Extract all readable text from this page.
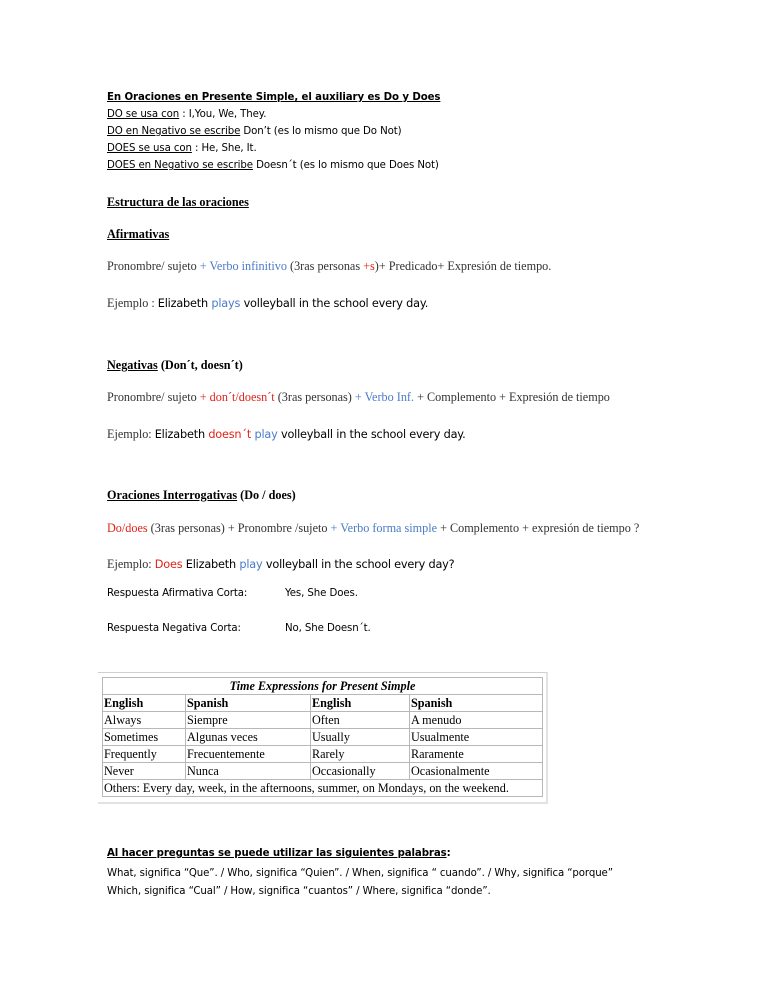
En Oraciones en Presente Simple, el auxiliary es Do y Does
DO se usa con : I,You, We, They.
DO en Negativo se escribe Don’t (es lo mismo que Do Not)
DOES se usa con : He, She, It.
DOES en Negativo se escribe Doesn´t (es lo mismo que Does Not)
Estructura de las oraciones
Afirmativas
Pronombre/ sujeto + Verbo infinitivo (3ras personas +s)+ Predicado+ Expresión de tiempo.
Ejemplo : Elizabeth plays volleyball in the school every day.
Negativas (Don´t, doesn´t)
Pronombre/ sujeto + don´t/doesn´t (3ras personas) + Verbo Inf. + Complemento + Expresión de tiempo
Ejemplo: Elizabeth doesn´t play volleyball in the school every day.
Oraciones Interrogativas (Do / does)
Do/does (3ras personas) + Pronombre /sujeto + Verbo forma simple + Complemento + expresión de tiempo ?
Ejemplo: Does Elizabeth play volleyball in the school every day?
Respuesta Afirmativa Corta:	Yes, She Does.
Respuesta Negativa Corta:	No, She Doesn´t.
Time Expressions for Present Simple			
English	Spanish	English	Spanish
Always	Siempre	Often	A menudo
Sometimes	Algunas veces	Usually	Usualmente
Frequently	Frecuentemente	Rarely	Raramente
Never	Nunca	Occasionally	Ocasionalmente
Others: Every day, week, in the afternoons, summer, on Mondays, on the weekend.			
Al hacer preguntas se puede utilizar las siguientes palabras:
What, significa “Que”. / Who, significa “Quien”. / When, significa “ cuando”. / Why, significa “porque”
Which, significa “Cual” / How, significa “cuantos” / Where, significa “donde”.
